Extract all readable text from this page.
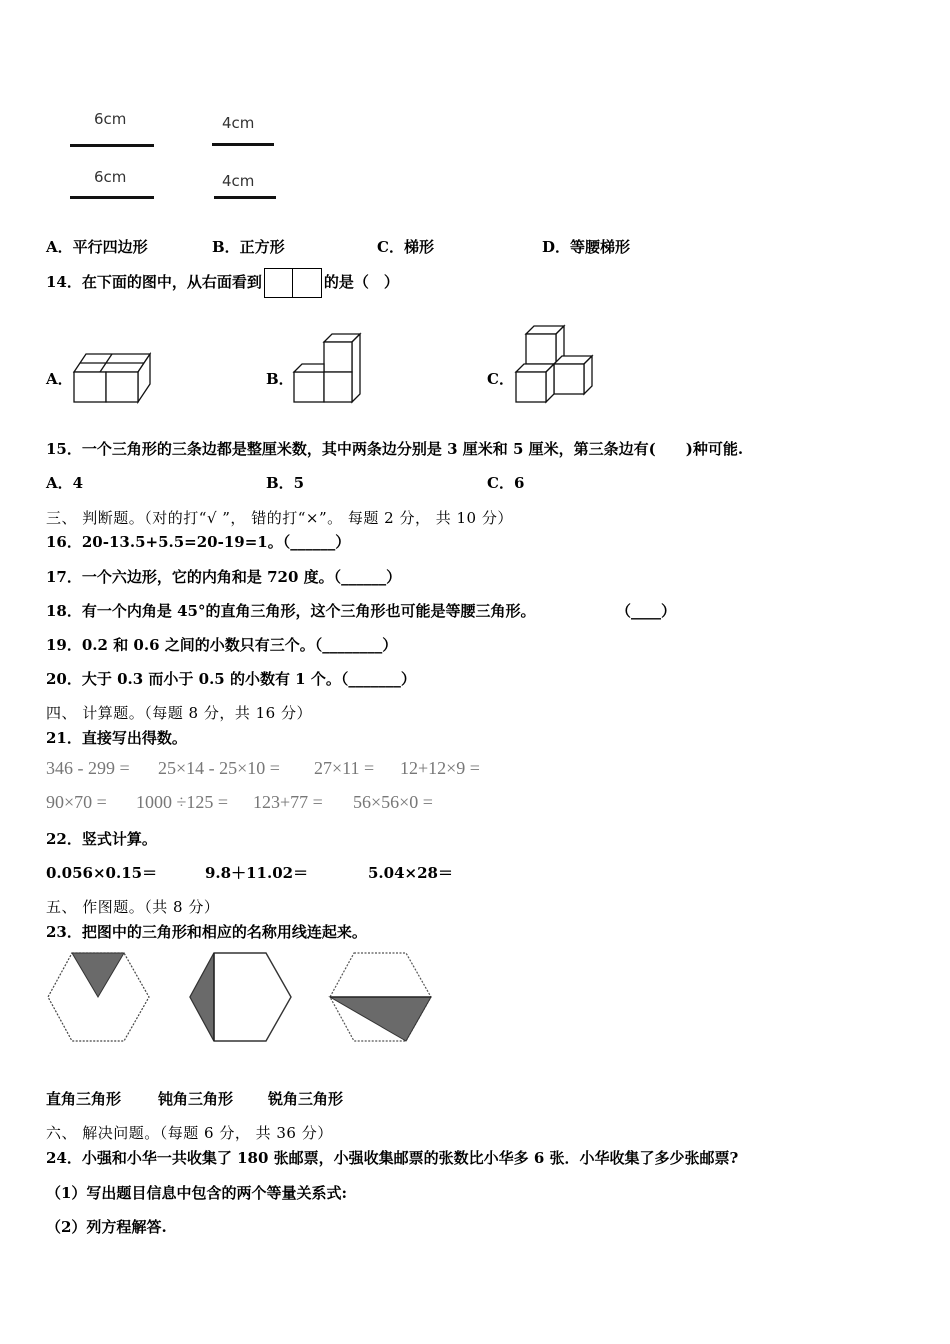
6cm
6cm
4cm
4cm
A．平行四边形	B．正方形	C．梯形	D．等腰梯形
14．在下面的图中，从右面看到	的是（　）
A．	B．	C．
15．一个三角形的三条边都是整厘米数，其中两条边分别是 3 厘米和 5 厘米，第三条边有(　　)种可能.
A．4	B．5	C．6
三、 判断题。（对的打“√ ”， 错的打“×”。 每题 2 分， 共 10 分）
16．20-13.5+5.5=20-19=1。（______）
17．一个六边形，它的内角和是 720 度。（______）
18．有一个内角是 45°的直角三角形，这个三角形也可能是等腰三角形。	（____）
19．0.2 和 0.6 之间的小数只有三个。（________）
20．大于 0.3 而小于 0.5 的小数有 1 个。（_______）
四、 计算题。（每题 8 分，共 16 分）
21．直接写出得数。
346 - 299 = 25×14 - 25×10 = 27×11 = 12+12×9 =
90×70 = 1000 ÷125 = 123+77 = 56×56×0 =
22．竖式计算。
0.056×0.15＝	9.8＋11.02＝	5.04×28＝
五、 作图题。（共 8 分）
23．把图中的三角形和相应的名称用线连起来。
直角三角形 钝角三角形 锐角三角形
六、 解决问题。（每题 6 分， 共 36 分）
24．小强和小华一共收集了 180 张邮票，小强收集邮票的张数比小华多 6 张．小华收集了多少张邮票?
（1）写出题目信息中包含的两个等量关系式:
（2）列方程解答.
